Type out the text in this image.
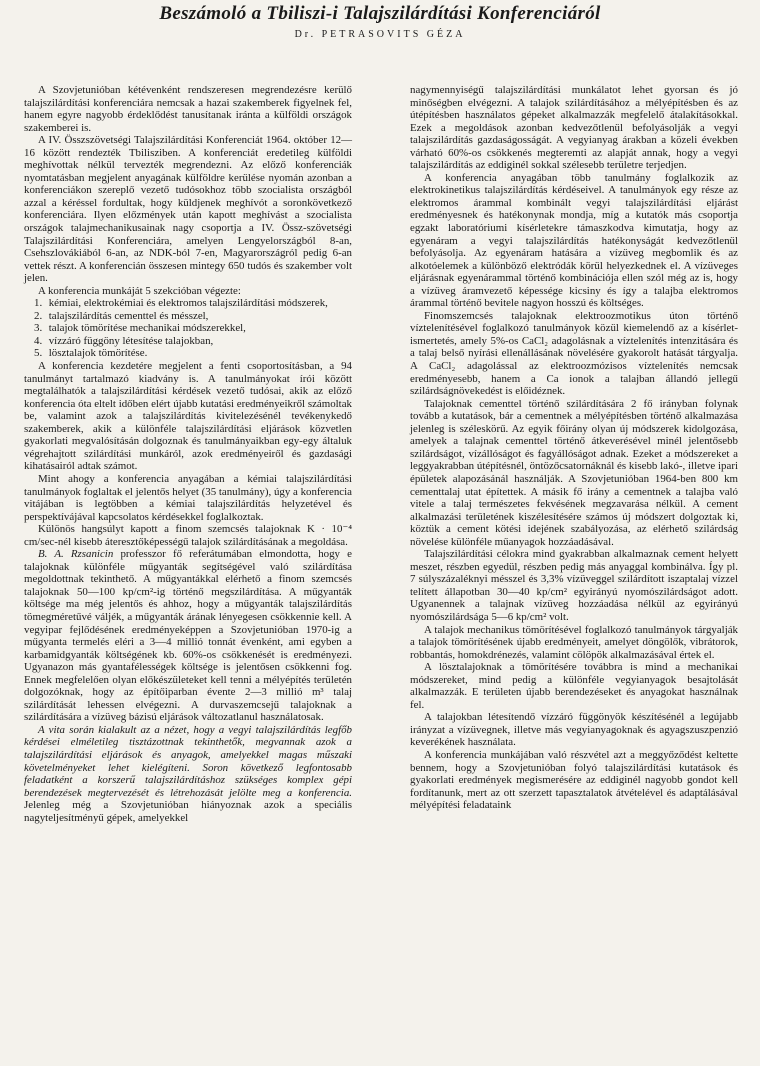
Beszámoló a Tbiliszi-i Talajszilárdítási Konferenciáról
Dr. PETRASOVITS GÉZA

A Szovjetunióban kétévenként rendszeresen megrendezésre kerülő talajszilárdítási konferenciára nemcsak a hazai szakemberek figyelnek fel, hanem egyre nagyobb érdeklődést tanusítanak iránta a külföldi országok szakemberei is.

A IV. Összszövetségi Talajszilárdítási Konferenciát 1964. október 12—16 között rendezték Tbilisziben. A konferenciát eredetileg külföldi meghívottak nélkül tervezték megrendezni. Az előző konferenciák nyomtatásban megjelent anyagának külföldre kerülése nyomán azonban a konferenciákon szereplő vezető tudósokhoz több szocialista országból azzal a kéréssel fordultak, hogy küldjenek meghívót a soronkövetkező konferenciára. Ilyen előzmények után kapott meghívást a szocialista országok talajmechanikusainak nagy csoportja a IV. Össz-szövetségi Talajszilárdítási Konferenciára, amelyen Lengyelországból 8-an, Csehszlovákiából 6-an, az NDK-ból 7-en, Magyarországról pedig 6-an vettek részt. A konferencián összesen mintegy 650 tudós és szakember volt jelen.

A konferencia munkáját 5 szekcióban végezte:

1. kémiai, elektrokémiai és elektromos talajszilárdítási módszerek,
2. talajszilárdítás cementtel és mésszel,
3. talajok tömörítése mechanikai módszerekkel,
4. vízzáró függöny létesítése talajokban,
5. lösztalajok tömörítése.

A konferencia kezdetére megjelent a fenti csoportosításban, a 94 tanulmányt tartalmazó kiadvány is. A tanulmányokat írói között megtalálhatók a talajszilárdítási kérdések vezető tudósai, akik az előző konferencia óta eltelt időben elért újabb kutatási eredményeikről számoltak be, valamint azok a talajszilárdítás kivitelezésénél tevékenykedő szakemberek, akik a különféle talajszilárdítási eljárások közvetlen gyakorlati megvalósításán dolgoznak és tanulmányaikban egy-egy általuk végrehajtott szilárdítási munkáról, azok eredményeiről és gazdasági kihatásairól adtak számot.

Mint ahogy a konferencia anyagában a kémiai talajszilárdítási tanulmányok foglaltak el jelentős helyet (35 tanulmány), úgy a konferencia vitájában is legtöbben a kémiai talajszilárdítás helyzetével és perspektívájával kapcsolatos kérdésekkel foglalkoztak.

Különös hangsúlyt kapott a finom szemcsés talajoknak K · 10⁻⁴ cm/sec-nél kisebb áteresztőképességű talajok szilárdításának a megoldása.

B. A. Rzsanicin professzor fő referátumában elmondotta, hogy e talajoknak különféle műgyanták segítségével való szilárdítása megoldottnak tekinthető. A műgyantákkal elérhető a finom szemcsés talajoknak 50—100 kp/cm²-ig történő megszilárdítása. A műgyanták költsége ma még jelentős és ahhoz, hogy a műgyanták talajszilárdítás tömegméretűvé váljék, a műgyanták árának lényegesen csökkennie kell. A vegyipar fejlődésének eredményeképpen a Szovjetunióban 1970-ig a műgyanta termelés eléri a 3—4 millió tonnát évenként, ami egyben a karbamidgyanták költségének kb. 60%-os csökkenését is eredményezi. Ugyanazon más gyantafélességek költsége is jelentősen csökkenni fog. Ennek megfelelően olyan előkészületeket kell tenni a mélyépítés területén dolgozóknak, hogy az építőiparban évente 2—3 millió m³ talaj szilárdítását lehessen elvégezni. A durvaszemcsejű talajoknak a szilárdítására a vízüveg bázisú eljárások változatlanul használatosak.

A vita során kialakult az a nézet, hogy a vegyi talajszilárdítás legfőb kérdései elméletileg tisztázottnak tekinthetők, megvannak azok a talajszilárdítási eljárások és anyagok, amelyekkel magas műszaki követelményeket lehet kielégíteni. Soron következő legfontosabb feladatként a korszerű talajszilárdításhoz szükséges komplex gépi berendezések megtervezését és létrehozását jelölte meg a konferencia. Jelenleg még a Szovjetunióban hiányoznak azok a speciális nagyteljesítményű gépek, amelyekkel

nagymennyiségű talajszilárdítási munkálatot lehet gyorsan és jó minőségben elvégezni. A talajok szilárdításához a mélyépítésben és az útépítésben használatos gépeket alkalmazzák megfelelő átalakításokkal. Ezek a megoldások azonban kedvezőtlenül befolyásolják a vegyi talajszilárdítás gazdaságosságát. A vegyianyag árakban a közeli években várható 60%-os csökkenés megteremti az alapját annak, hogy a vegyi talajszilárdítás az eddiginél sokkal szélesebb területre terjedjen.

A konferencia anyagában több tanulmány foglalkozik az elektrokinetikus talajszilárdítás kérdéseivel. A tanulmányok egy része az elektromos árammal kombinált vegyi talajszilárdítási eljárást eredményesnek és hatékonynak mondja, míg a kutatók más csoportja egzakt laboratóriumi kísérletekre támaszkodva kimutatja, hogy az egyenáram a vegyi talajszilárdítás hatékonyságát kedvezőtlenül befolyásolja. Az egyenáram hatására a vízüveg megbomlik és az alkotóelemek a különböző elektródák körül helyezkednek el. A vízüveges eljárásnak egyenárammal történő kombinációja ellen szól még az is, hogy a vízüveg áramvezető képessége kicsiny és így a talajba elektromos árammal történő bevitele nagyon hosszú és költséges.

Finomszemcsés talajoknak elektroozmotikus úton történő víztelenítésével foglalkozó tanulmányok közül kiemelendő az a kísérlet-ismertetés, amely 5%-os CaCl₂ adagolásnak a víztelenítés intenzitására és a talaj belső nyírási ellenállásának növelésére gyakorolt hatását tárgyalja. A CaCl₂ adagolással az elektroozmózisos víztelenítés nemcsak eredményesebb, hanem a Ca ionok a talajban állandó jellegű szilárdságnövekedést is előidéznek.

Talajoknak cementtel történő szilárdítására 2 fő irányban folynak tovább a kutatások, bár a cementnek a mélyépítésben történő alkalmazása jelenleg is széleskörű. Az egyik főirány olyan új módszerek kidolgozása, amelyek a talajnak cementtel történő átkeverésével minél jelentősebb szilárdságot, vízállóságot és fagyállóságot adnak. Ezeket a módszereket a leggyakrabban útépítésnél, öntözőcsatornáknál és kisebb lakó-, illetve ipari épületek alapozásánál használják. A Szovjetunióban 1964-ben 800 km cementtalaj utat építettek. A másik fő irány a cementnek a talajba való vitele a talaj természetes fekvésének megzavarása nélkül. A cement alkalmazási területének kiszélesítésére számos új módszert dolgoztak ki, köztük a cement kötési idejének szabályozása, az elérhető szilárdság növelése különféle műanyagok hozzáadásával.

Talajszilárdítási célokra mind gyakrabban alkalmaznak cement helyett meszet, részben egyedül, részben pedig más anyaggal kombinálva. Így pl. 7 súlyszázaléknyi mésszel és 3,3% vízüveggel szilárdított iszaptalaj vízzel telített állapotban 30—40 kp/cm² egyirányú nyomószilárdságot adott. Ugyanennek a talajnak vízüveg hozzáadása nélkül az egyirányú nyomószilárdsága 5—6 kp/cm² volt.

A talajok mechanikus tömörítésével foglalkozó tanulmányok tárgyalják a talajok tömörítésének újabb eredményeit, amelyet döngölők, vibrátorok, robbantás, homokdrénezés, valamint cölöpök alkalmazásával értek el.

A lösztalajoknak a tömörítésére továbbra is mind a mechanikai módszereket, mind pedig a különféle vegyianyagok besajtolását alkalmazzák. E területen újabb berendezéseket és anyagokat használnak fel.

A talajokban létesítendő vízzáró függönyök készítésénél a legújabb irányzat a vízüvegnek, illetve más vegyianyagoknak és agyagszuszpenzió keverékének használata.

A konferencia munkájában való részvétel azt a meggyőződést keltette bennem, hogy a Szovjetunióban folyó talajszilárdítási kutatások és gyakorlati eredmények megismerésére az eddiginél nagyobb gondot kell fordítanunk, mert az ott szerzett tapasztalatok átvételével és adaptálásával mélyépítési feladataink
